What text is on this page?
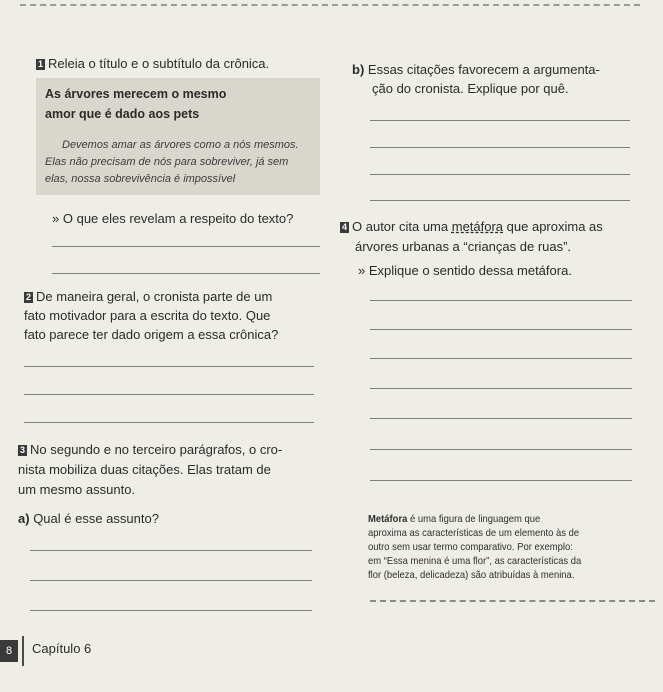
1 Releia o título e o subtítulo da crônica.
As árvores merecem o mesmo
amor que é dado aos pets
Devemos amar as árvores como a nós mesmos.
Elas não precisam de nós para sobreviver, já sem
elas, nossa sobrevivência é impossível
» O que eles revelam a respeito do texto?
2 De maneira geral, o cronista parte de um
fato motivador para a escrita do texto. Que
fato parece ter dado origem a essa crônica?
3 No segundo e no terceiro parágrafos, o cro-
nista mobiliza duas citações. Elas tratam de
um mesmo assunto.
a) Qual é esse assunto?
b) Essas citações favorecem a argumenta-
ção do cronista. Explique por quê.
4 O autor cita uma metáfora que aproxima as
árvores urbanas a “crianças de ruas”.
» Explique o sentido dessa metáfora.
Metáfora é uma figura de linguagem que
aproxima as características de um elemento às de
outro sem usar termo comparativo. Por exemplo:
em “Essa menina é uma flor”, as características da
flor (beleza, delicadeza) são atribuídas à menina.
8	Capítulo 6
